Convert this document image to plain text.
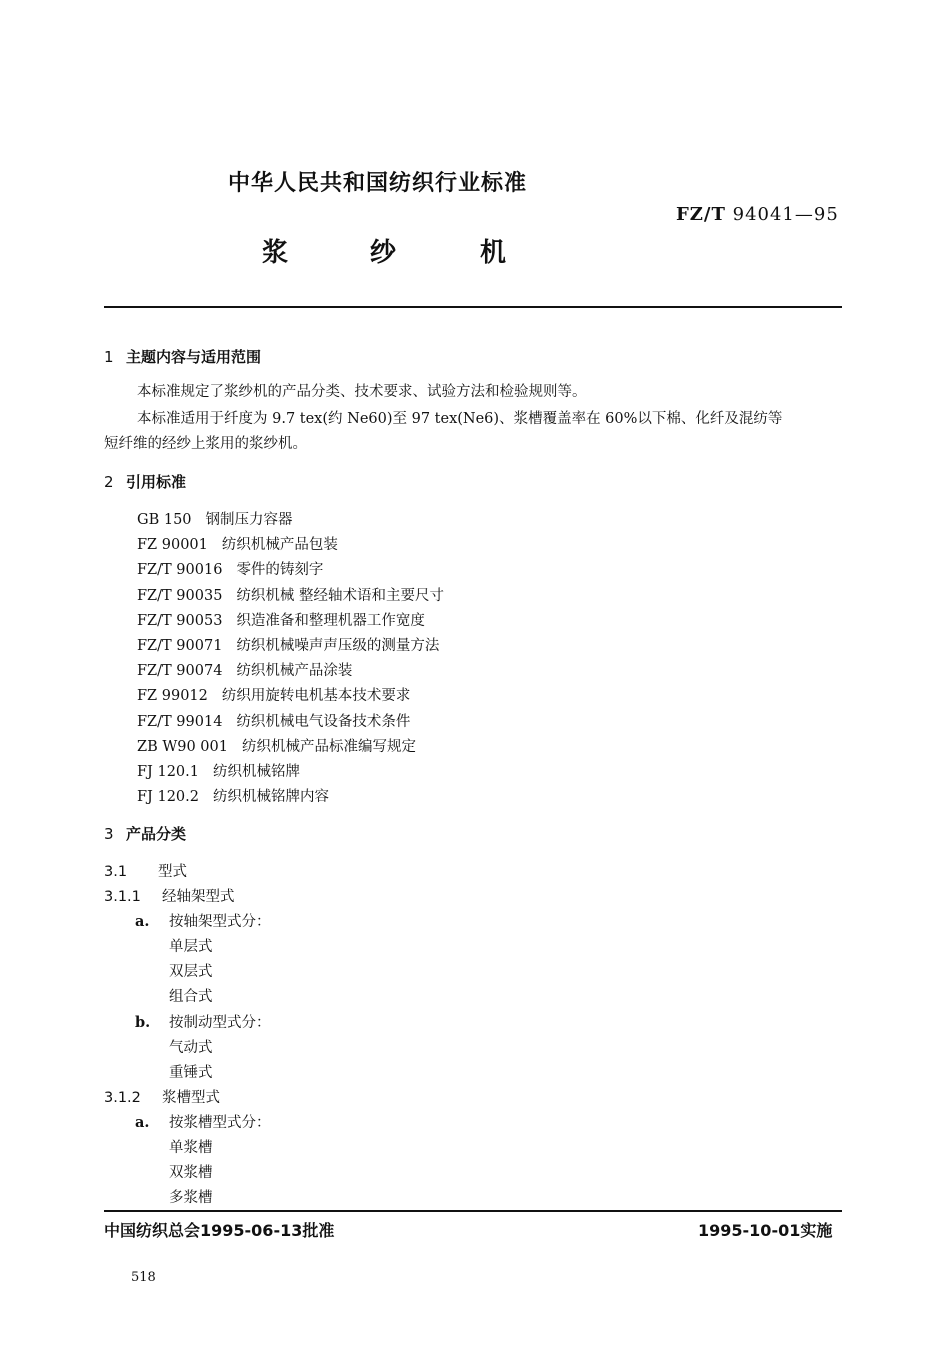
中华人民共和国纺织行业标准
FZ/T 94041—95
浆	纱	机
1 主题内容与适用范围
本标准规定了浆纱机的产品分类、技术要求、试验方法和检验规则等。
本标准适用于纤度为 9.7 tex(约 Ne60)至 97 tex(Ne6)、浆槽覆盖率在 60%以下棉、化纤及混纺等
短纤维的经纱上浆用的浆纱机。
2 引用标准
GB 150 钢制压力容器
FZ 90001 纺织机械产品包装
FZ/T 90016 零件的铸刻字
FZ/T 90035 纺织机械 整经轴术语和主要尺寸
FZ/T 90053 织造准备和整理机器工作宽度
FZ/T 90071 纺织机械噪声声压级的测量方法
FZ/T 90074 纺织机械产品涂装
FZ 99012 纺织用旋转电机基本技术要求
FZ/T 99014 纺织机械电气设备技术条件
ZB W90 001 纺织机械产品标准编写规定
FJ 120.1 纺织机械铭牌
FJ 120.2 纺织机械铭牌内容
3 产品分类
3.1 型式
3.1.1 经轴架型式
a. 按轴架型式分：
单层式
双层式
组合式
b. 按制动型式分：
气动式
重锤式
3.1.2 浆槽型式
a. 按浆槽型式分：
单浆槽
双浆槽
多浆槽
中国纺织总会1995-06-13批准	1995-10-01实施
518
